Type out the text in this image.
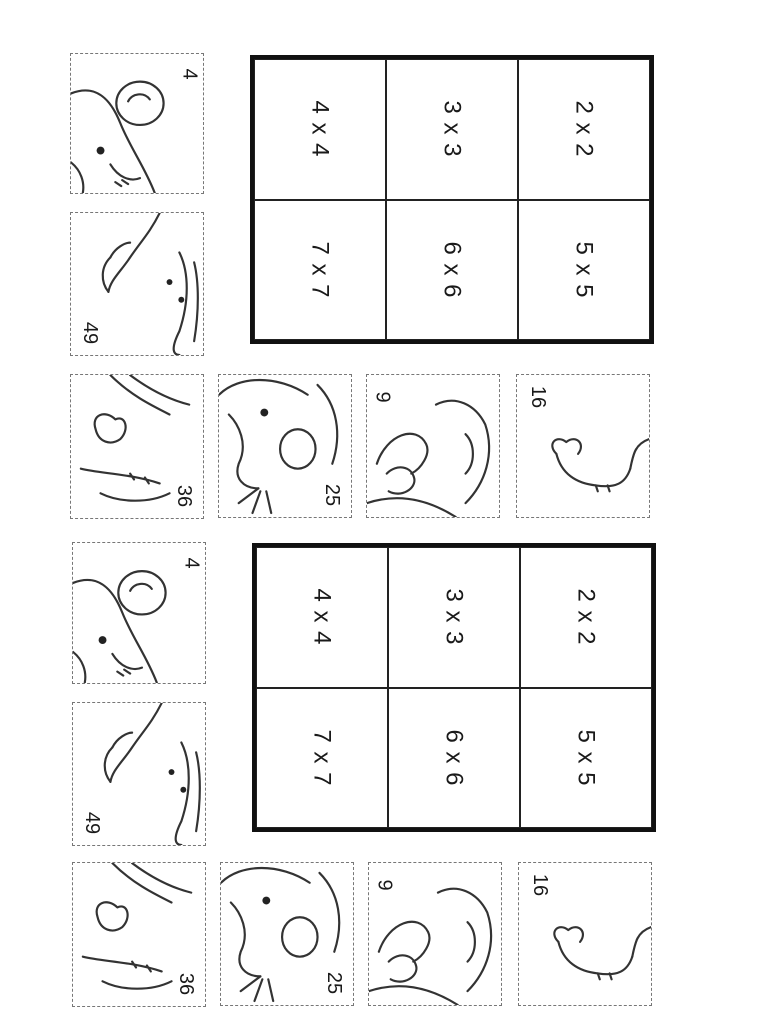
4 x 4	3 x 3	2 x 2
7 x 7	6 x 6	5 x 5
4
49
36	25
9	16
4 x 4	3 x 3	2 x 2
7 x 7	6 x 6	5 x 5
4
49
36	25
9	16
